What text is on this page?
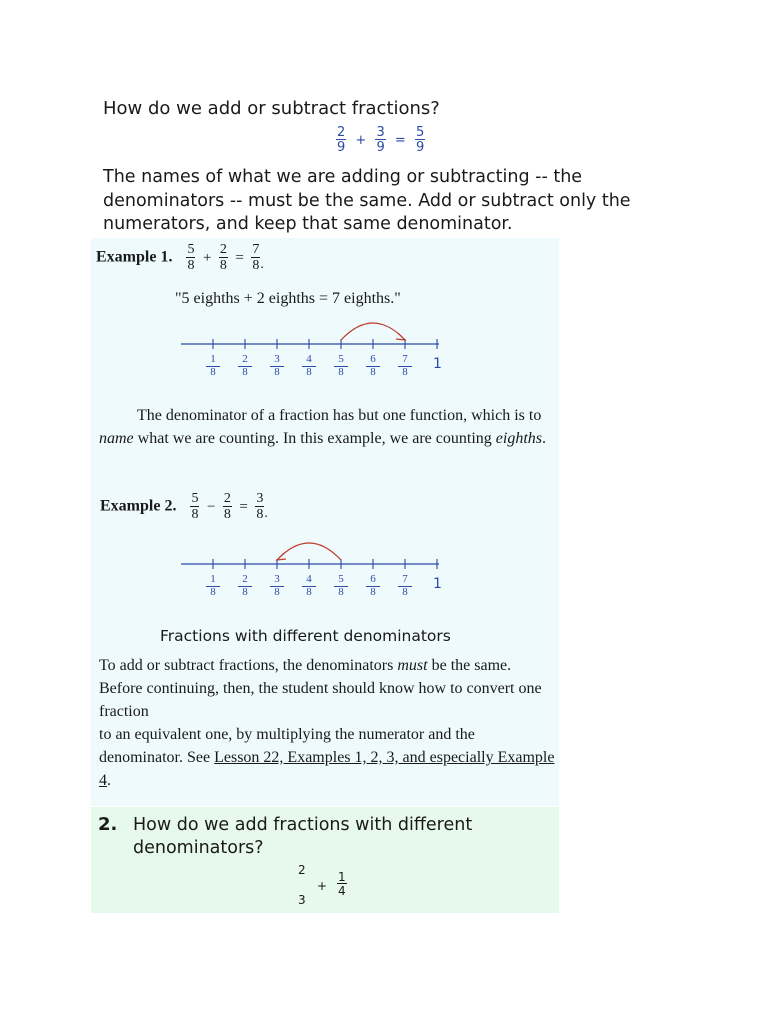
How do we add or subtract fractions?
$\frac{2}{9} + \frac{3}{9} = \frac{5}{9}$
The names of what we are adding or subtracting -- the denominators -- must be the same. Add or subtract only the numerators, and keep that same denominator.
Example 1. $\frac{5}{8} + \frac{2}{8} = \frac{7}{8}$ .
"5 eighths + 2 eighths = 7 eighths."
$\frac{1}{8} \frac{2}{8} \frac{3}{8} \frac{4}{8} \frac{5}{8} \frac{6}{8} \frac{7}{8} 1$
The denominator of a fraction has but one function, which is to name what we are counting. In this example, we are counting eighths.
Example 2. $\frac{5}{8} - \frac{2}{8} = \frac{3}{8}$ .
$\frac{1}{8} \frac{2}{8} \frac{3}{8} \frac{4}{8} \frac{5}{8} \frac{6}{8} \frac{7}{8} 1$
Fractions with different denominators
To add or subtract fractions, the denominators must be the same. Before continuing, then, the student should know how to convert one fraction
to an equivalent one, by multiplying the numerator and the denominator. See Lesson 22, Examples 1, 2, 3, and especially Example 4.
2. How do we add fractions with different denominators?
2
3
+ $\frac{1}{4}$
